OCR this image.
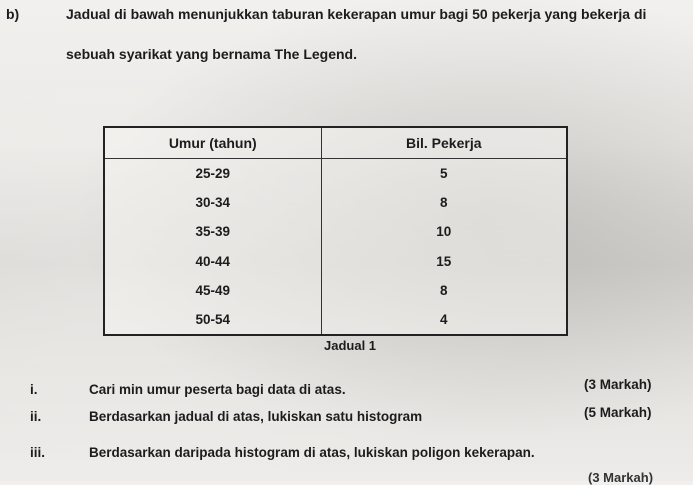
b)	Jadual di bawah menunjukkan taburan kekerapan umur bagi 50 pekerja yang bekerja di
sebuah syarikat yang bernama The Legend.
Umur (tahun)	Bil. Pekerja
25-29	5
30-34	8
35-39	10
40-44	15
45-49	8
50-54	4
Jadual 1
i.	Cari min umur peserta bagi data di atas.	(3 Markah)
ii.	Berdasarkan jadual di atas, lukiskan satu histogram	(5 Markah)
iii.	Berdasarkan daripada histogram di atas, lukiskan poligon kekerapan.
(3 Markah)
